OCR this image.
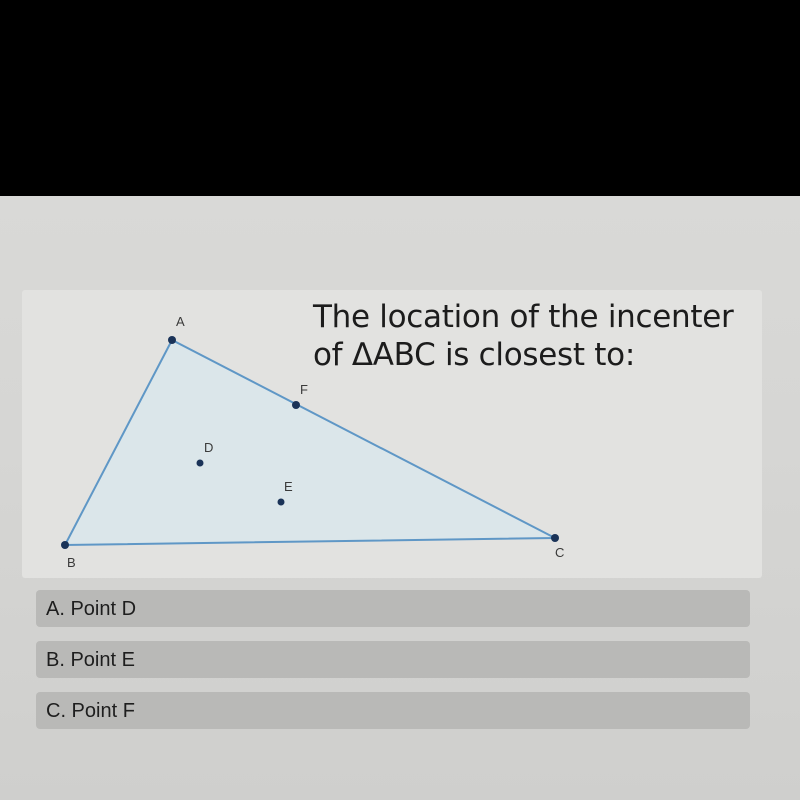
A
B
C
F
D
E
The location of the incenter
of ΔABC is closest to:
A. Point D
B. Point E
C. Point F
